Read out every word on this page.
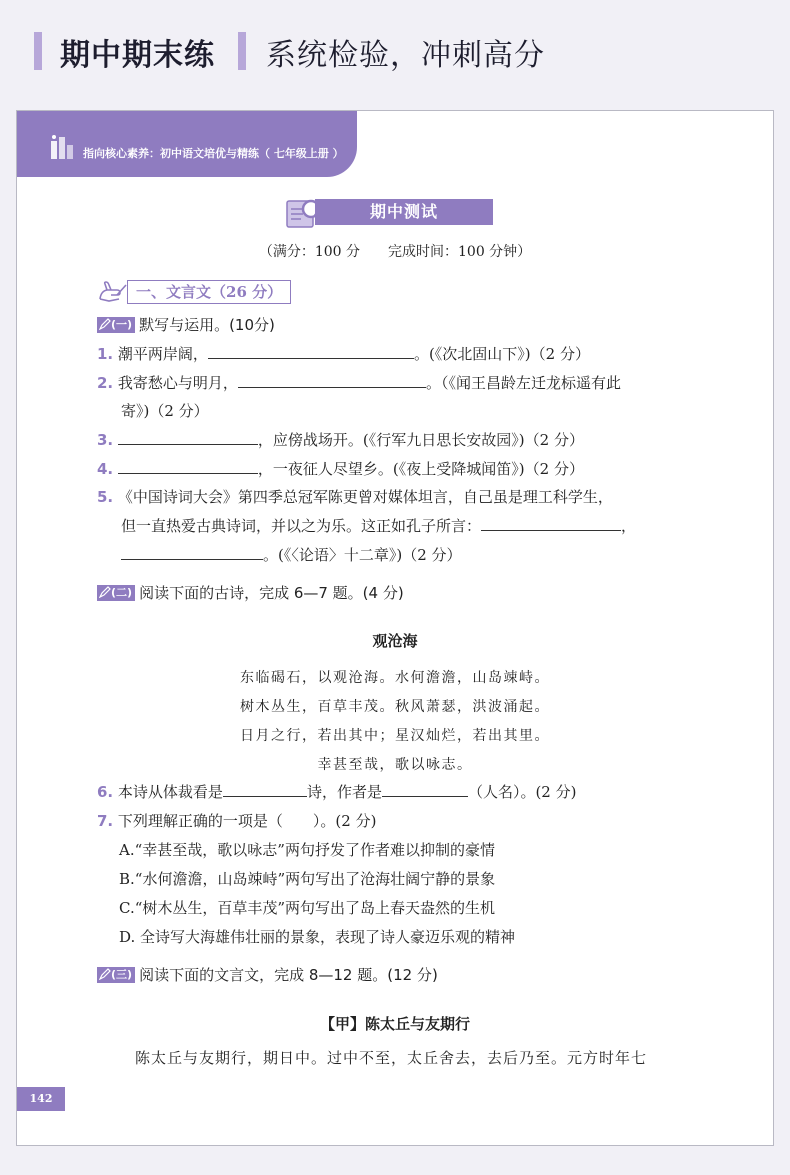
期中期末练 系统检验，冲刺高分
指向核心素养：初中语文培优与精练（ 七年级上册 ）
期中测试
（满分：100 分　　完成时间：100 分钟）
一、文言文（26 分）
(一) 默写与运用。(10分)
1. 潮平两岸阔，	。(《次北固山下》)（2 分）
2. 我寄愁心与明月，	。（《闻王昌龄左迁龙标遥有此
寄》)（2 分）
3.	，应傍战场开。(《行军九日思长安故园》)（2 分）
4.	，一夜征人尽望乡。(《夜上受降城闻笛》)（2 分）
5. 《中国诗词大会》第四季总冠军陈更曾对媒体坦言，自己虽是理工科学生，
但一直热爱古典诗词，并以之为乐。这正如孔子所言：	，
。(《〈论语〉十二章》)（2 分）
(二) 阅读下面的古诗，完成 6—7 题。(4 分)
观沧海
东临碣石，以观沧海。水何澹澹，山岛竦峙。
树木丛生，百草丰茂。秋风萧瑟，洪波涌起。
日月之行，若出其中；星汉灿烂，若出其里。
幸甚至哉，歌以咏志。
6. 本诗从体裁看是	诗，作者是	（人名）。(2 分)
7. 下列理解正确的一项是（　　）。(2 分)
A.“幸甚至哉，歌以咏志”两句抒发了作者难以抑制的豪情
B.“水何澹澹，山岛竦峙”两句写出了沧海壮阔宁静的景象
C.“树木丛生，百草丰茂”两句写出了岛上春天盎然的生机
D. 全诗写大海雄伟壮丽的景象，表现了诗人豪迈乐观的精神
(三) 阅读下面的文言文，完成 8—12 题。(12 分)
【甲】陈太丘与友期行
陈太丘与友期行，期日中。过中不至，太丘舍去，去后乃至。元方时年七
142
